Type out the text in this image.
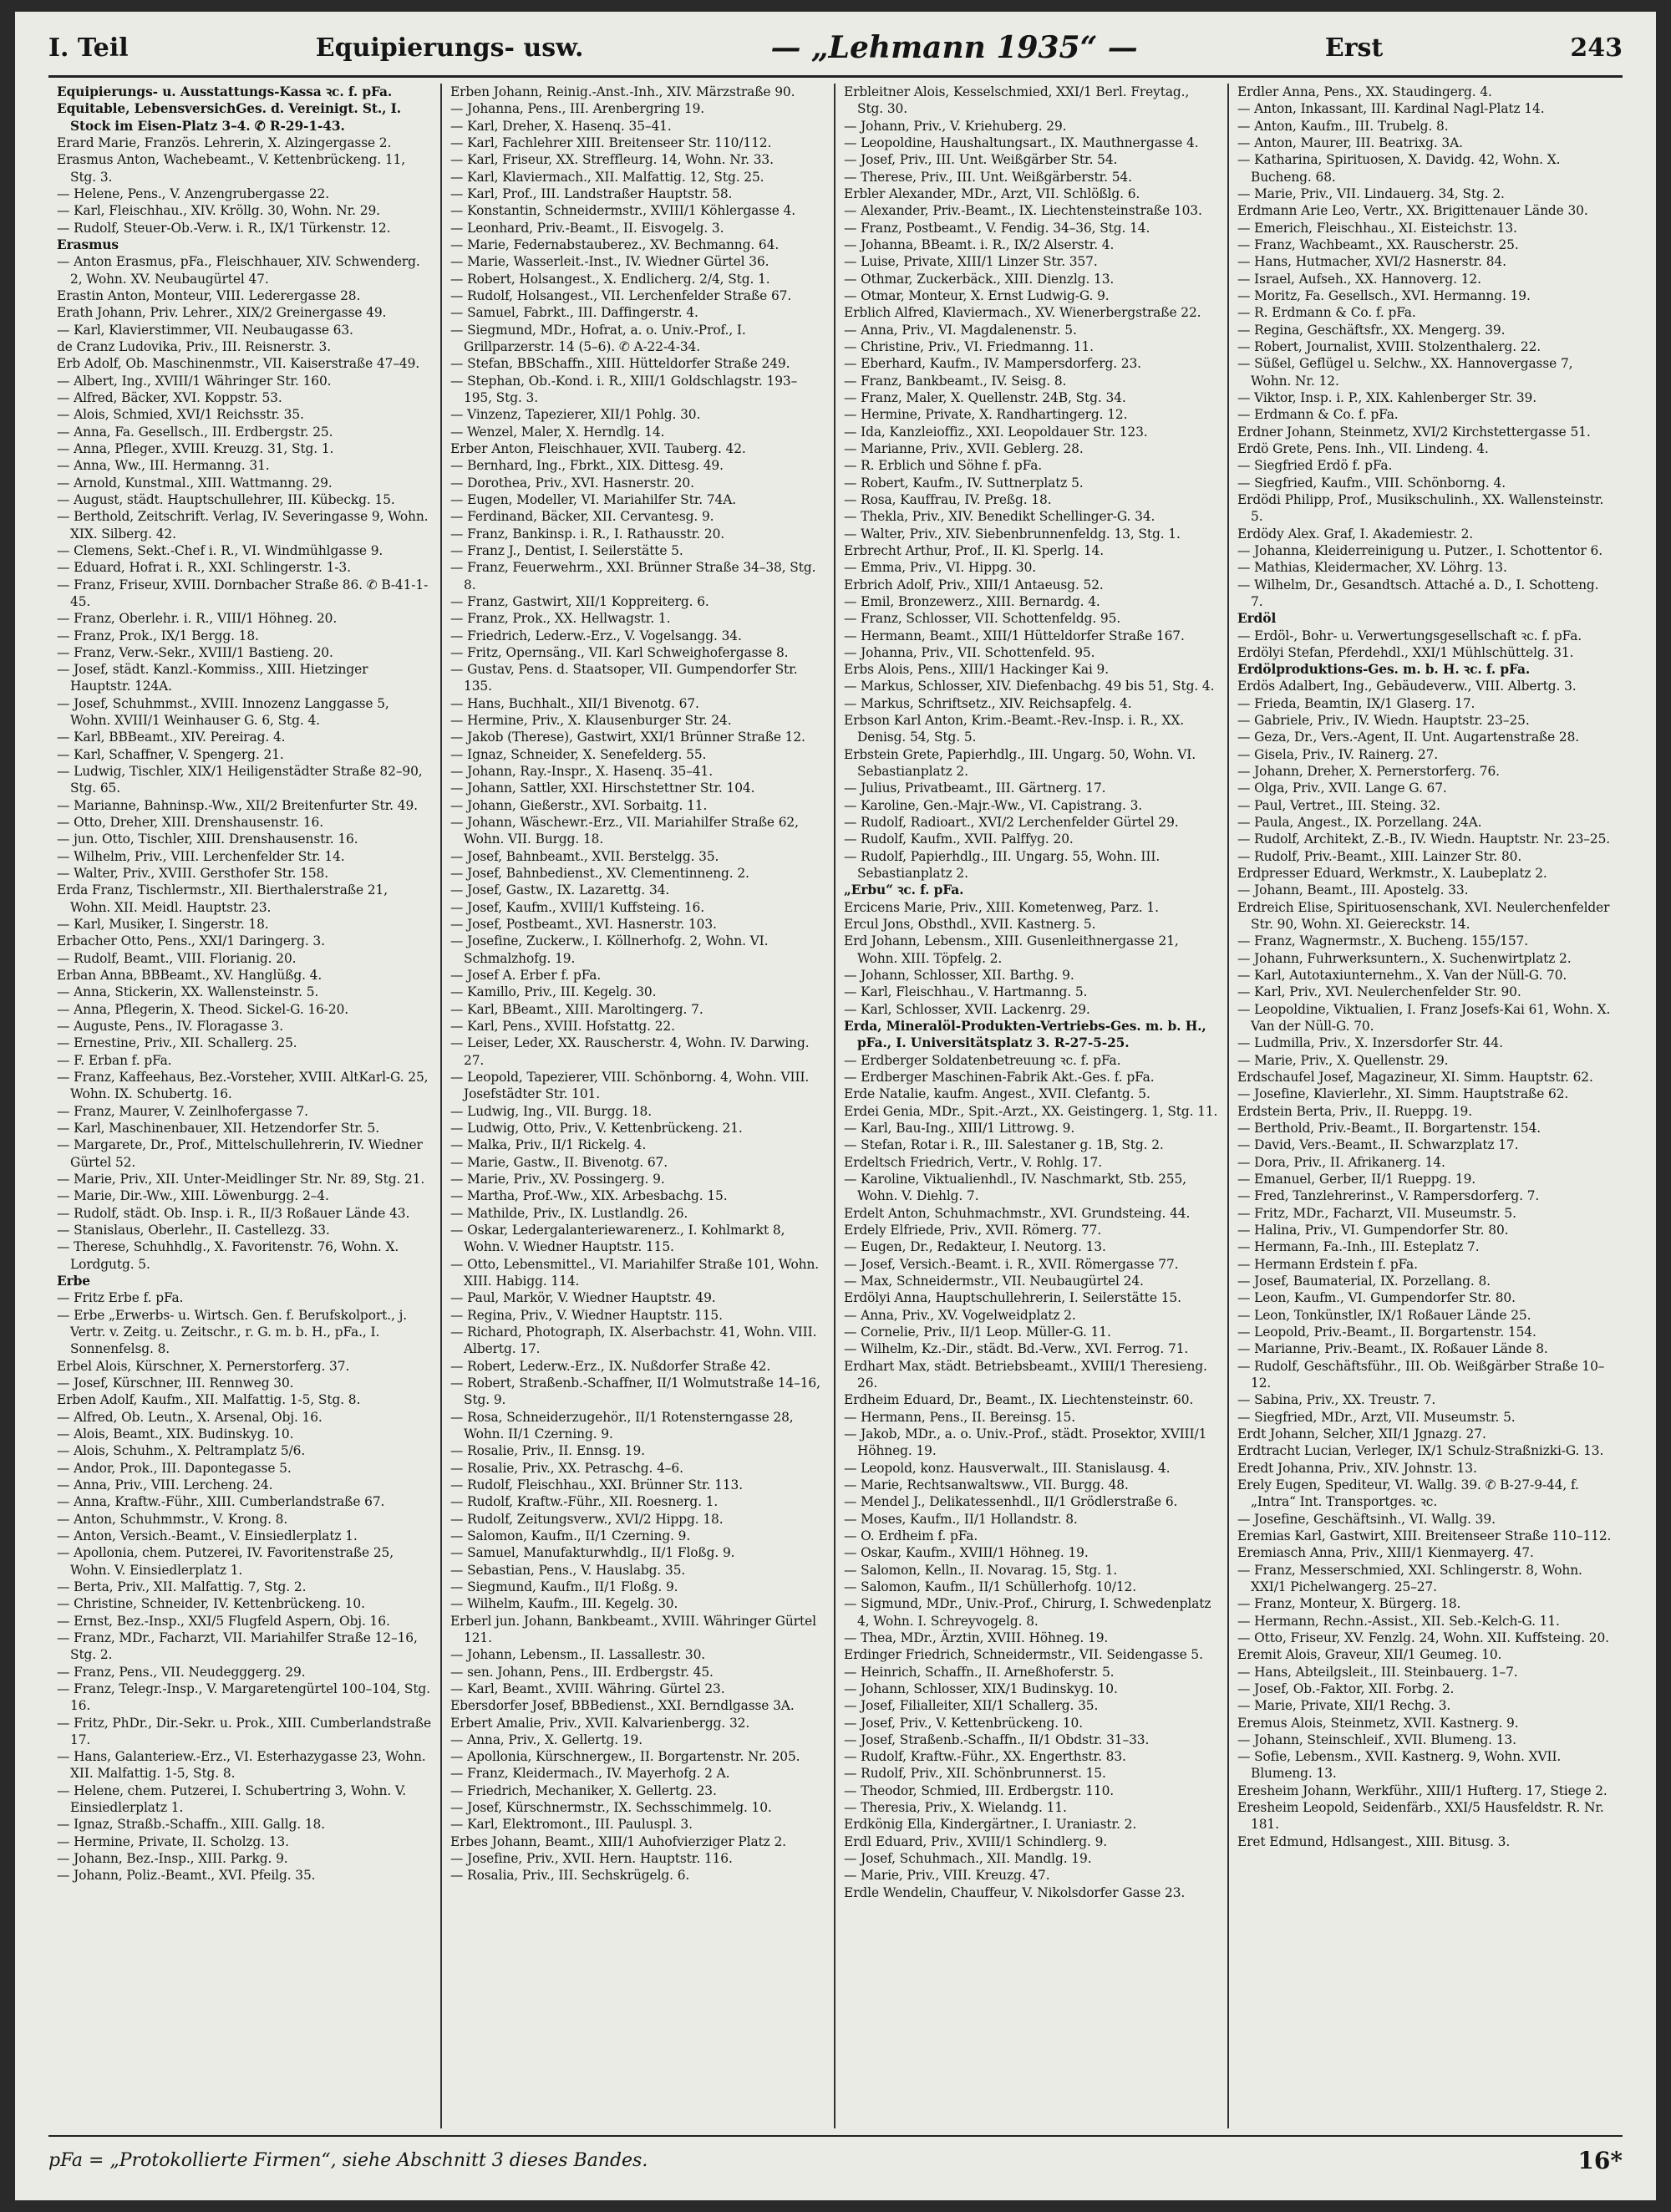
I. Teil	Equipierungs- usw.	— „Lehmann 1935“ —	Erst	243

Equipierungs- u. Ausstattungs-Kassa ꝛc. f. pFa.

Equitable, LebensversichGes. d. Vereinigt. St., I. Stock im Eisen-Platz 3–4. ✆ R-29-1-43.

Erard Marie, Französ. Lehrerin, X. Alzingergasse 2.

Erasmus Anton, Wachebeamt., V. Kettenbrückeng. 11, Stg. 3.

— Helene, Pens., V. Anzengrubergasse 22.

— Karl, Fleischhau., XIV. Kröllg. 30, Wohn. Nr. 29.

— Rudolf, Steuer-Ob.-Verw. i. R., IX/1 Türkenstr. 12.

Erasmus

— Anton Erasmus, pFa., Fleischhauer, XIV. Schwenderg. 2, Wohn. XV. Neubaugürtel 47.

Erastin Anton, Monteur, VIII. Lederergasse 28.

Erath Johann, Priv. Lehrer., XIX/2 Greinergasse 49.

— Karl, Klavierstimmer, VII. Neubaugasse 63.

de Cranz Ludovika, Priv., III. Reisnerstr. 3.

Erb Adolf, Ob. Maschinenmstr., VII. Kaiserstraße 47–49.

— Albert, Ing., XVIII/1 Währinger Str. 160.

— Alfred, Bäcker, XVI. Koppstr. 53.

— Alois, Schmied, XVI/1 Reichsstr. 35.

— Anna, Fa. Gesellsch., III. Erdbergstr. 25.

— Anna, Pfleger., XVIII. Kreuzg. 31, Stg. 1.

— Anna, Ww., III. Hermanng. 31.

— Arnold, Kunstmal., XIII. Wattmanng. 29.

— August, städt. Hauptschullehrer, III. Kübeckg. 15.

— Berthold, Zeitschrift. Verlag, IV. Severingasse 9, Wohn. XIX. Silberg. 42.

— Clemens, Sekt.-Chef i. R., VI. Windmühlgasse 9.

— Eduard, Hofrat i. R., XXI. Schlingerstr. 1-3.

— Franz, Friseur, XVIII. Dornbacher Straße 86. ✆ B-41-1-45.

— Franz, Oberlehr. i. R., VIII/1 Höhneg. 20.

— Franz, Prok., IX/1 Bergg. 18.

— Franz, Verw.-Sekr., XVIII/1 Bastieng. 20.

— Josef, städt. Kanzl.-Kommiss., XIII. Hietzinger Hauptstr. 124A.

— Josef, Schuhmmst., XVIII. Innozenz Langgasse 5, Wohn. XVIII/1 Weinhauser G. 6, Stg. 4.

— Karl, BBBeamt., XIV. Pereirag. 4.

— Karl, Schaffner, V. Spengerg. 21.

— Ludwig, Tischler, XIX/1 Heiligenstädter Straße 82–90, Stg. 65.

— Marianne, Bahninsp.-Ww., XII/2 Breitenfurter Str. 49.

— Otto, Dreher, XIII. Drenshausenstr. 16.

— jun. Otto, Tischler, XIII. Drenshausenstr. 16.

— Wilhelm, Priv., VIII. Lerchenfelder Str. 14.

— Walter, Priv., XVIII. Gersthofer Str. 158.

Erda Franz, Tischlermstr., XII. Bierthalerstraße 21, Wohn. XII. Meidl. Hauptstr. 23.

— Karl, Musiker, I. Singerstr. 18.

Erbacher Otto, Pens., XXI/1 Daringerg. 3.

— Rudolf, Beamt., VIII. Florianig. 20.

Erban Anna, BBBeamt., XV. Hanglüßg. 4.

— Anna, Stickerin, XX. Wallensteinstr. 5.

— Anna, Pflegerin, X. Theod. Sickel-G. 16-20.

— Auguste, Pens., IV. Floragasse 3.

— Ernestine, Priv., XII. Schallerg. 25.

— F. Erban f. pFa.

— Franz, Kaffeehaus, Bez.-Vorsteher, XVIII. AltKarl-G. 25, Wohn. IX. Schubertg. 16.

— Franz, Maurer, V. Zeinlhofergasse 7.

— Karl, Maschinenbauer, XII. Hetzendorfer Str. 5.

— Margarete, Dr., Prof., Mittelschullehrerin, IV. Wiedner Gürtel 52.

— Marie, Priv., XII. Unter-Meidlinger Str. Nr. 89, Stg. 21.

— Marie, Dir.-Ww., XIII. Löwenburgg. 2–4.

— Rudolf, städt. Ob. Insp. i. R., II/3 Roßauer Lände 43.

— Stanislaus, Oberlehr., II. Castellezg. 33.

— Therese, Schuhhdlg., X. Favoritenstr. 76, Wohn. X. Lordgutg. 5.

Erbe

— Fritz Erbe f. pFa.

— Erbe „Erwerbs- u. Wirtsch. Gen. f. Berufskolport., j. Vertr. v. Zeitg. u. Zeitschr., r. G. m. b. H., pFa., I. Sonnenfelsg. 8.

Erbel Alois, Kürschner, X. Pernerstorferg. 37.

— Josef, Kürschner, III. Rennweg 30.

Erben Adolf, Kaufm., XII. Malfattig. 1-5, Stg. 8.

— Alfred, Ob. Leutn., X. Arsenal, Obj. 16.

— Alois, Beamt., XIX. Budinskyg. 10.

— Alois, Schuhm., X. Peltramplatz 5/6.

— Andor, Prok., III. Dapontegasse 5.

— Anna, Priv., VIII. Lercheng. 24.

— Anna, Kraftw.-Führ., XIII. Cumberlandstraße 67.

— Anton, Schuhmmstr., V. Krong. 8.

— Anton, Versich.-Beamt., V. Einsiedlerplatz 1.

— Apollonia, chem. Putzerei, IV. Favoritenstraße 25, Wohn. V. Einsiedlerplatz 1.

— Berta, Priv., XII. Malfattig. 7, Stg. 2.

— Christine, Schneider, IV. Kettenbrückeng. 10.

— Ernst, Bez.-Insp., XXI/5 Flugfeld Aspern, Obj. 16.

— Franz, MDr., Facharzt, VII. Mariahilfer Straße 12–16, Stg. 2.

— Franz, Pens., VII. Neudegggerg. 29.

— Franz, Telegr.-Insp., V. Margaretengürtel 100–104, Stg. 16.

— Fritz, PhDr., Dir.-Sekr. u. Prok., XIII. Cumberlandstraße 17.

— Hans, Galanteriew.-Erz., VI. Esterhazygasse 23, Wohn. XII. Malfattig. 1-5, Stg. 8.

— Helene, chem. Putzerei, I. Schubertring 3, Wohn. V. Einsiedlerplatz 1.

— Ignaz, Straßb.-Schaffn., XIII. Gallg. 18.

— Hermine, Private, II. Scholzg. 13.

— Johann, Bez.-Insp., XIII. Parkg. 9.

— Johann, Poliz.-Beamt., XVI. Pfeilg. 35.

Erben Johann, Reinig.-Anst.-Inh., XIV. Märzstraße 90.

— Johanna, Pens., III. Arenbergring 19.

— Karl, Dreher, X. Hasenq. 35–41.

— Karl, Fachlehrer XIII. Breitenseer Str. 110/112.

— Karl, Friseur, XX. Streffleurg. 14, Wohn. Nr. 33.

— Karl, Klaviermach., XII. Malfattig. 12, Stg. 25.

— Karl, Prof., III. Landstraßer Hauptstr. 58.

— Konstantin, Schneidermstr., XVIII/1 Köhlergasse 4.

— Leonhard, Priv.-Beamt., II. Eisvogelg. 3.

— Marie, Federnabstauberez., XV. Bechmanng. 64.

— Marie, Wasserleit.-Inst., IV. Wiedner Gürtel 36.

— Robert, Holsangest., X. Endlicherg. 2/4, Stg. 1.

— Rudolf, Holsangest., VII. Lerchenfelder Straße 67.

— Samuel, Fabrkt., III. Daffingerstr. 4.

— Siegmund, MDr., Hofrat, a. o. Univ.-Prof., I. Grillparzerstr. 14 (5–6). ✆ A-22-4-34.

— Stefan, BBSchaffn., XIII. Hütteldorfer Straße 249.

— Stephan, Ob.-Kond. i. R., XIII/1 Goldschlagstr. 193–195, Stg. 3.

— Vinzenz, Tapezierer, XII/1 Pohlg. 30.

— Wenzel, Maler, X. Herndlg. 14.

Erber Anton, Fleischhauer, XVII. Tauberg. 42.

— Bernhard, Ing., Fbrkt., XIX. Dittesg. 49.

— Dorothea, Priv., XVI. Hasnerstr. 20.

— Eugen, Modeller, VI. Mariahilfer Str. 74A.

— Ferdinand, Bäcker, XII. Cervantesg. 9.

— Franz, Bankinsp. i. R., I. Rathausstr. 20.

— Franz J., Dentist, I. Seilerstätte 5.

— Franz, Feuerwehrm., XXI. Brünner Straße 34–38, Stg. 8.

— Franz, Gastwirt, XII/1 Koppreiterg. 6.

— Franz, Prok., XX. Hellwagstr. 1.

— Friedrich, Lederw.-Erz., V. Vogelsangg. 34.

— Fritz, Opernsäng., VII. Karl Schweighofergasse 8.

— Gustav, Pens. d. Staatsoper, VII. Gumpendorfer Str. 135.

— Hans, Buchhalt., XII/1 Bivenotg. 67.

— Hermine, Priv., X. Klausenburger Str. 24.

— Jakob (Therese), Gastwirt, XXI/1 Brünner Straße 12.

— Ignaz, Schneider, X. Senefelderg. 55.

— Johann, Ray.-Inspr., X. Hasenq. 35–41.

— Johann, Sattler, XXI. Hirschstettner Str. 104.

— Johann, Gießerstr., XVI. Sorbaitg. 11.

— Johann, Wäschewr.-Erz., VII. Mariahilfer Straße 62, Wohn. VII. Burgg. 18.

— Josef, Bahnbeamt., XVII. Berstelgg. 35.

— Josef, Bahnbedienst., XV. Clementinneng. 2.

— Josef, Gastw., IX. Lazarettg. 34.

— Josef, Kaufm., XVIII/1 Kuffsteing. 16.

— Josef, Postbeamt., XVI. Hasnerstr. 103.

— Josefine, Zuckerw., I. Köllnerhofg. 2, Wohn. VI. Schmalzhofg. 19.

— Josef A. Erber f. pFa.

— Kamillo, Priv., III. Kegelg. 30.

— Karl, BBeamt., XIII. Maroltingerg. 7.

— Karl, Pens., XVIII. Hofstattg. 22.

— Leiser, Leder, XX. Rauscherstr. 4, Wohn. IV. Darwing. 27.

— Leopold, Tapezierer, VIII. Schönborng. 4, Wohn. VIII. Josefstädter Str. 101.

— Ludwig, Ing., VII. Burgg. 18.

— Ludwig, Otto, Priv., V. Kettenbrückeng. 21.

— Malka, Priv., II/1 Rickelg. 4.

— Marie, Gastw., II. Bivenotg. 67.

— Marie, Priv., XV. Possingerg. 9.

— Martha, Prof.-Ww., XIX. Arbesbachg. 15.

— Mathilde, Priv., IX. Lustlandlg. 26.

— Oskar, Ledergalanteriewarenerz., I. Kohlmarkt 8, Wohn. V. Wiedner Hauptstr. 115.

— Otto, Lebensmittel., VI. Mariahilfer Straße 101, Wohn. XIII. Habigg. 114.

— Paul, Markör, V. Wiedner Hauptstr. 49.

— Regina, Priv., V. Wiedner Hauptstr. 115.

— Richard, Photograph, IX. Alserbachstr. 41, Wohn. VIII. Albertg. 17.

— Robert, Lederw.-Erz., IX. Nußdorfer Straße 42.

— Robert, Straßenb.-Schaffner, II/1 Wolmutstraße 14–16, Stg. 9.

— Rosa, Schneiderzugehör., II/1 Rotensterngasse 28, Wohn. II/1 Czerning. 9.

— Rosalie, Priv., II. Ennsg. 19.

— Rosalie, Priv., XX. Petraschg. 4–6.

— Rudolf, Fleischhau., XXI. Brünner Str. 113.

— Rudolf, Kraftw.-Führ., XII. Roesnerg. 1.

— Rudolf, Zeitungsverw., XVI/2 Hippg. 18.

— Salomon, Kaufm., II/1 Czerning. 9.

— Samuel, Manufakturwhdlg., II/1 Floßg. 9.

— Sebastian, Pens., V. Hauslabg. 35.

— Siegmund, Kaufm., II/1 Floßg. 9.

— Wilhelm, Kaufm., III. Kegelg. 30.

Erberl jun. Johann, Bankbeamt., XVIII. Währinger Gürtel 121.

— Johann, Lebensm., II. Lassallestr. 30.

— sen. Johann, Pens., III. Erdbergstr. 45.

— Karl, Beamt., XVIII. Währing. Gürtel 23.

Ebersdorfer Josef, BBBedienst., XXI. Berndlgasse 3A.

Erbert Amalie, Priv., XVII. Kalvarienbergg. 32.

— Anna, Priv., X. Gellertg. 19.

— Apollonia, Kürschnergew., II. Borgartenstr. Nr. 205.

— Franz, Kleidermach., IV. Mayerhofg. 2 A.

— Friedrich, Mechaniker, X. Gellertg. 23.

— Josef, Kürschnermstr., IX. Sechsschimmelg. 10.

— Karl, Elektromont., III. Pauluspl. 3.

Erbes Johann, Beamt., XIII/1 Auhofvierziger Platz 2.

— Josefine, Priv., XVII. Hern. Hauptstr. 116.

— Rosalia, Priv., III. Sechskrügelg. 6.

Erbleitner Alois, Kesselschmied, XXI/1 Berl. Freytag., Stg. 30.

— Johann, Priv., V. Kriehuberg. 29.

— Leopoldine, Haushaltungsart., IX. Mauthnergasse 4.

— Josef, Priv., III. Unt. Weißgärber Str. 54.

— Therese, Priv., III. Unt. Weißgärberstr. 54.

Erbler Alexander, MDr., Arzt, VII. Schlößlg. 6.

— Alexander, Priv.-Beamt., IX. Liechtensteinstraße 103.

— Franz, Postbeamt., V. Fendig. 34–36, Stg. 14.

— Johanna, BBeamt. i. R., IX/2 Alserstr. 4.

— Luise, Private, XIII/1 Linzer Str. 357.

— Othmar, Zuckerbäck., XIII. Dienzlg. 13.

— Otmar, Monteur, X. Ernst Ludwig-G. 9.

Erblich Alfred, Klaviermach., XV. Wienerbergstraße 22.

— Anna, Priv., VI. Magdalenenstr. 5.

— Christine, Priv., VI. Friedmanng. 11.

— Eberhard, Kaufm., IV. Mampersdorferg. 23.

— Franz, Bankbeamt., IV. Seisg. 8.

— Franz, Maler, X. Quellenstr. 24B, Stg. 34.

— Hermine, Private, X. Randhartingerg. 12.

— Ida, Kanzleioffiz., XXI. Leopoldauer Str. 123.

— Marianne, Priv., XVII. Geblerg. 28.

— R. Erblich und Söhne f. pFa.

— Robert, Kaufm., IV. Suttnerplatz 5.

— Rosa, Kauffrau, IV. Preßg. 18.

— Thekla, Priv., XIV. Benedikt Schellinger-G. 34.

— Walter, Priv., XIV. Siebenbrunnenfeldg. 13, Stg. 1.

Erbrecht Arthur, Prof., II. Kl. Sperlg. 14.

— Emma, Priv., VI. Hippg. 30.

Erbrich Adolf, Priv., XIII/1 Antaeusg. 52.

— Emil, Bronzewerz., XIII. Bernardg. 4.

— Franz, Schlosser, VII. Schottenfeldg. 95.

— Hermann, Beamt., XIII/1 Hütteldorfer Straße 167.

— Johanna, Priv., VII. Schottenfeld. 95.

Erbs Alois, Pens., XIII/1 Hackinger Kai 9.

— Markus, Schlosser, XIV. Diefenbachg. 49 bis 51, Stg. 4.

— Markus, Schriftsetz., XIV. Reichsapfelg. 4.

Erbson Karl Anton, Krim.-Beamt.-Rev.-Insp. i. R., XX. Denisg. 54, Stg. 5.

Erbstein Grete, Papierhdlg., III. Ungarg. 50, Wohn. VI. Sebastianplatz 2.

— Julius, Privatbeamt., III. Gärtnerg. 17.

— Karoline, Gen.-Majr.-Ww., VI. Capistrang. 3.

— Rudolf, Radioart., XVI/2 Lerchenfelder Gürtel 29.

— Rudolf, Kaufm., XVII. Palffyg. 20.

— Rudolf, Papierhdlg., III. Ungarg. 55, Wohn. III. Sebastianplatz 2.

„Erbu“ ꝛc. f. pFa.

Ercicens Marie, Priv., XIII. Kometenweg, Parz. 1.

Ercul Jons, Obsthdl., XVII. Kastnerg. 5.

Erd Johann, Lebensm., XIII. Gusenleithnergasse 21, Wohn. XIII. Töpfelg. 2.

— Johann, Schlosser, XII. Barthg. 9.

— Karl, Fleischhau., V. Hartmanng. 5.

— Karl, Schlosser, XVII. Lackenrg. 29.

Erda, Mineralöl-Produkten-Vertriebs-Ges. m. b. H., pFa., I. Universitätsplatz 3. R-27-5-25.

— Erdberger Soldatenbetreuung ꝛc. f. pFa.

— Erdberger Maschinen-Fabrik Akt.-Ges. f. pFa.

Erde Natalie, kaufm. Angest., XVII. Clefantg. 5.

Erdei Genia, MDr., Spit.-Arzt., XX. Geistingerg. 1, Stg. 11.

— Karl, Bau-Ing., XIII/1 Littrowg. 9.

— Stefan, Rotar i. R., III. Salestaner g. 1B, Stg. 2.

Erdeltsch Friedrich, Vertr., V. Rohlg. 17.

— Karoline, Viktualienhdl., IV. Naschmarkt, Stb. 255, Wohn. V. Diehlg. 7.

Erdelt Anton, Schuhmachmstr., XVI. Grundsteing. 44.

Erdely Elfriede, Priv., XVII. Römerg. 77.

— Eugen, Dr., Redakteur, I. Neutorg. 13.

— Josef, Versich.-Beamt. i. R., XVII. Römergasse 77.

— Max, Schneidermstr., VII. Neubaugürtel 24.

Erdölyi Anna, Hauptschullehrerin, I. Seilerstätte 15.

— Anna, Priv., XV. Vogelweidplatz 2.

— Cornelie, Priv., II/1 Leop. Müller-G. 11.

— Wilhelm, Kz.-Dir., städt. Bd.-Verw., XVI. Ferrog. 71.

Erdhart Max, städt. Betriebsbeamt., XVIII/1 Theresieng. 26.

Erdheim Eduard, Dr., Beamt., IX. Liechtensteinstr. 60.

— Hermann, Pens., II. Bereinsg. 15.

— Jakob, MDr., a. o. Univ.-Prof., städt. Prosektor, XVIII/1 Höhneg. 19.

— Leopold, konz. Hausverwalt., III. Stanislausg. 4.

— Marie, Rechtsanwaltsww., VII. Burgg. 48.

— Mendel J., Delikatessenhdl., II/1 Grödlerstraße 6.

— Moses, Kaufm., II/1 Hollandstr. 8.

— O. Erdheim f. pFa.

— Oskar, Kaufm., XVIII/1 Höhneg. 19.

— Salomon, Kelln., II. Novarag. 15, Stg. 1.

— Salomon, Kaufm., II/1 Schüllerhofg. 10/12.

— Sigmund, MDr., Univ.-Prof., Chirurg, I. Schwedenplatz 4, Wohn. I. Schreyvogelg. 8.

— Thea, MDr., Ärztin, XVIII. Höhneg. 19.

Erdinger Friedrich, Schneidermstr., VII. Seidengasse 5.

— Heinrich, Schaffn., II. Arneßhoferstr. 5.

— Johann, Schlosser, XIX/1 Budinskyg. 10.

— Josef, Filialleiter, XII/1 Schallerg. 35.

— Josef, Priv., V. Kettenbrückeng. 10.

— Josef, Straßenb.-Schaffn., II/1 Obdstr. 31–33.

— Rudolf, Kraftw.-Führ., XX. Engerthstr. 83.

— Rudolf, Priv., XII. Schönbrunnerst. 15.

— Theodor, Schmied, III. Erdbergstr. 110.

— Theresia, Priv., X. Wielandg. 11.

Erdkönig Ella, Kindergärtner., I. Uraniastr. 2.

Erdl Eduard, Priv., XVIII/1 Schindlerg. 9.

— Josef, Schuhmach., XII. Mandlg. 19.

— Marie, Priv., VIII. Kreuzg. 47.

Erdle Wendelin, Chauffeur, V. Nikolsdorfer Gasse 23.

Erdler Anna, Pens., XX. Staudingerg. 4.

— Anton, Inkassant, III. Kardinal Nagl-Platz 14.

— Anton, Kaufm., III. Trubelg. 8.

— Anton, Maurer, III. Beatrixg. 3A.

— Katharina, Spirituosen, X. Davidg. 42, Wohn. X. Bucheng. 68.

— Marie, Priv., VII. Lindauerg. 34, Stg. 2.

Erdmann Arie Leo, Vertr., XX. Brigittenauer Lände 30.

— Emerich, Fleischhau., XI. Eisteichstr. 13.

— Franz, Wachbeamt., XX. Rauscherstr. 25.

— Hans, Hutmacher, XVI/2 Hasnerstr. 84.

— Israel, Aufseh., XX. Hannoverg. 12.

— Moritz, Fa. Gesellsch., XVI. Hermanng. 19.

— R. Erdmann & Co. f. pFa.

— Regina, Geschäftsfr., XX. Mengerg. 39.

— Robert, Journalist, XVIII. Stolzenthalerg. 22.

— Süßel, Geflügel u. Selchw., XX. Hannovergasse 7, Wohn. Nr. 12.

— Viktor, Insp. i. P., XIX. Kahlenberger Str. 39.

— Erdmann & Co. f. pFa.

Erdner Johann, Steinmetz, XVI/2 Kirchstettergasse 51.

Erdö Grete, Pens. Inh., VII. Lindeng. 4.

— Siegfried Erdö f. pFa.

— Siegfried, Kaufm., VIII. Schönborng. 4.

Erdödi Philipp, Prof., Musikschulinh., XX. Wallensteinstr. 5.

Erdödy Alex. Graf, I. Akademiestr. 2.

— Johanna, Kleiderreinigung u. Putzer., I. Schottentor 6.

— Mathias, Kleidermacher, XV. Löhrg. 13.

— Wilhelm, Dr., Gesandtsch. Attaché a. D., I. Schotteng. 7.

Erdöl

— Erdöl-, Bohr- u. Verwertungsgesellschaft ꝛc. f. pFa.

Erdölyi Stefan, Pferdehdl., XXI/1 Mühlschüttelg. 31.

Erdölproduktions-Ges. m. b. H. ꝛc. f. pFa.

Erdös Adalbert, Ing., Gebäudeverw., VIII. Albertg. 3.

— Frieda, Beamtin, IX/1 Glaserg. 17.

— Gabriele, Priv., IV. Wiedn. Hauptstr. 23–25.

— Geza, Dr., Vers.-Agent, II. Unt. Augartenstraße 28.

— Gisela, Priv., IV. Rainerg. 27.

— Johann, Dreher, X. Pernerstorferg. 76.

— Olga, Priv., XVII. Lange G. 67.

— Paul, Vertret., III. Steing. 32.

— Paula, Angest., IX. Porzellang. 24A.

— Rudolf, Architekt, Z.-B., IV. Wiedn. Hauptstr. Nr. 23–25.

— Rudolf, Priv.-Beamt., XIII. Lainzer Str. 80.

Erdpresser Eduard, Werkmstr., X. Laubeplatz 2.

— Johann, Beamt., III. Apostelg. 33.

Erdreich Elise, Spirituosenschank, XVI. Neulerchenfelder Str. 90, Wohn. XI. Geiereckstr. 14.

— Franz, Wagnermstr., X. Bucheng. 155/157.

— Johann, Fuhrwerksuntern., X. Suchenwirtplatz 2.

— Karl, Autotaxiunternehm., X. Van der Nüll-G. 70.

— Karl, Priv., XVI. Neulerchenfelder Str. 90.

— Leopoldine, Viktualien, I. Franz Josefs-Kai 61, Wohn. X. Van der Nüll-G. 70.

— Ludmilla, Priv., X. Inzersdorfer Str. 44.

— Marie, Priv., X. Quellenstr. 29.

Erdschaufel Josef, Magazineur, XI. Simm. Hauptstr. 62.

— Josefine, Klavierlehr., XI. Simm. Hauptstraße 62.

Erdstein Berta, Priv., II. Rueppg. 19.

— Berthold, Priv.-Beamt., II. Borgartenstr. 154.

— David, Vers.-Beamt., II. Schwarzplatz 17.

— Dora, Priv., II. Afrikanerg. 14.

— Emanuel, Gerber, II/1 Rueppg. 19.

— Fred, Tanzlehrerinst., V. Rampersdorferg. 7.

— Fritz, MDr., Facharzt, VII. Museumstr. 5.

— Halina, Priv., VI. Gumpendorfer Str. 80.

— Hermann, Fa.-Inh., III. Esteplatz 7.

— Hermann Erdstein f. pFa.

— Josef, Baumaterial, IX. Porzellang. 8.

— Leon, Kaufm., VI. Gumpendorfer Str. 80.

— Leon, Tonkünstler, IX/1 Roßauer Lände 25.

— Leopold, Priv.-Beamt., II. Borgartenstr. 154.

— Marianne, Priv.-Beamt., IX. Roßauer Lände 8.

— Rudolf, Geschäftsführ., III. Ob. Weißgärber Straße 10–12.

— Sabina, Priv., XX. Treustr. 7.

— Siegfried, MDr., Arzt, VII. Museumstr. 5.

Erdt Johann, Selcher, XII/1 Jgnazg. 27.

Erdtracht Lucian, Verleger, IX/1 Schulz-Straßnizki-G. 13.

Eredt Johanna, Priv., XIV. Johnstr. 13.

Erely Eugen, Spediteur, VI. Wallg. 39. ✆ B-27-9-44, f. „Intra“ Int. Transportges. ꝛc.

— Josefine, Geschäftsinh., VI. Wallg. 39.

Eremias Karl, Gastwirt, XIII. Breitenseer Straße 110–112.

Eremiasch Anna, Priv., XIII/1 Kienmayerg. 47.

— Franz, Messerschmied, XXI. Schlingerstr. 8, Wohn. XXI/1 Pichelwangerg. 25–27.

— Franz, Monteur, X. Bürgerg. 18.

— Hermann, Rechn.-Assist., XII. Seb.-Kelch-G. 11.

— Otto, Friseur, XV. Fenzlg. 24, Wohn. XII. Kuffsteing. 20.

Eremit Alois, Graveur, XII/1 Geumeg. 10.

— Hans, Abteilgsleit., III. Steinbauerg. 1–7.

— Josef, Ob.-Faktor, XII. Forbg. 2.

— Marie, Private, XII/1 Rechg. 3.

Eremus Alois, Steinmetz, XVII. Kastnerg. 9.

— Johann, Steinschleif., XVII. Blumeng. 13.

— Sofie, Lebensm., XVII. Kastnerg. 9, Wohn. XVII. Blumeng. 13.

Eresheim Johann, Werkführ., XIII/1 Hufterg. 17, Stiege 2.

Eresheim Leopold, Seidenfärb., XXI/5 Hausfeldstr. R. Nr. 181.

Eret Edmund, Hdlsangest., XIII. Bitusg. 3.

pFa = „Protokollierte Firmen“, siehe Abschnitt 3 dieses Bandes.	16*
